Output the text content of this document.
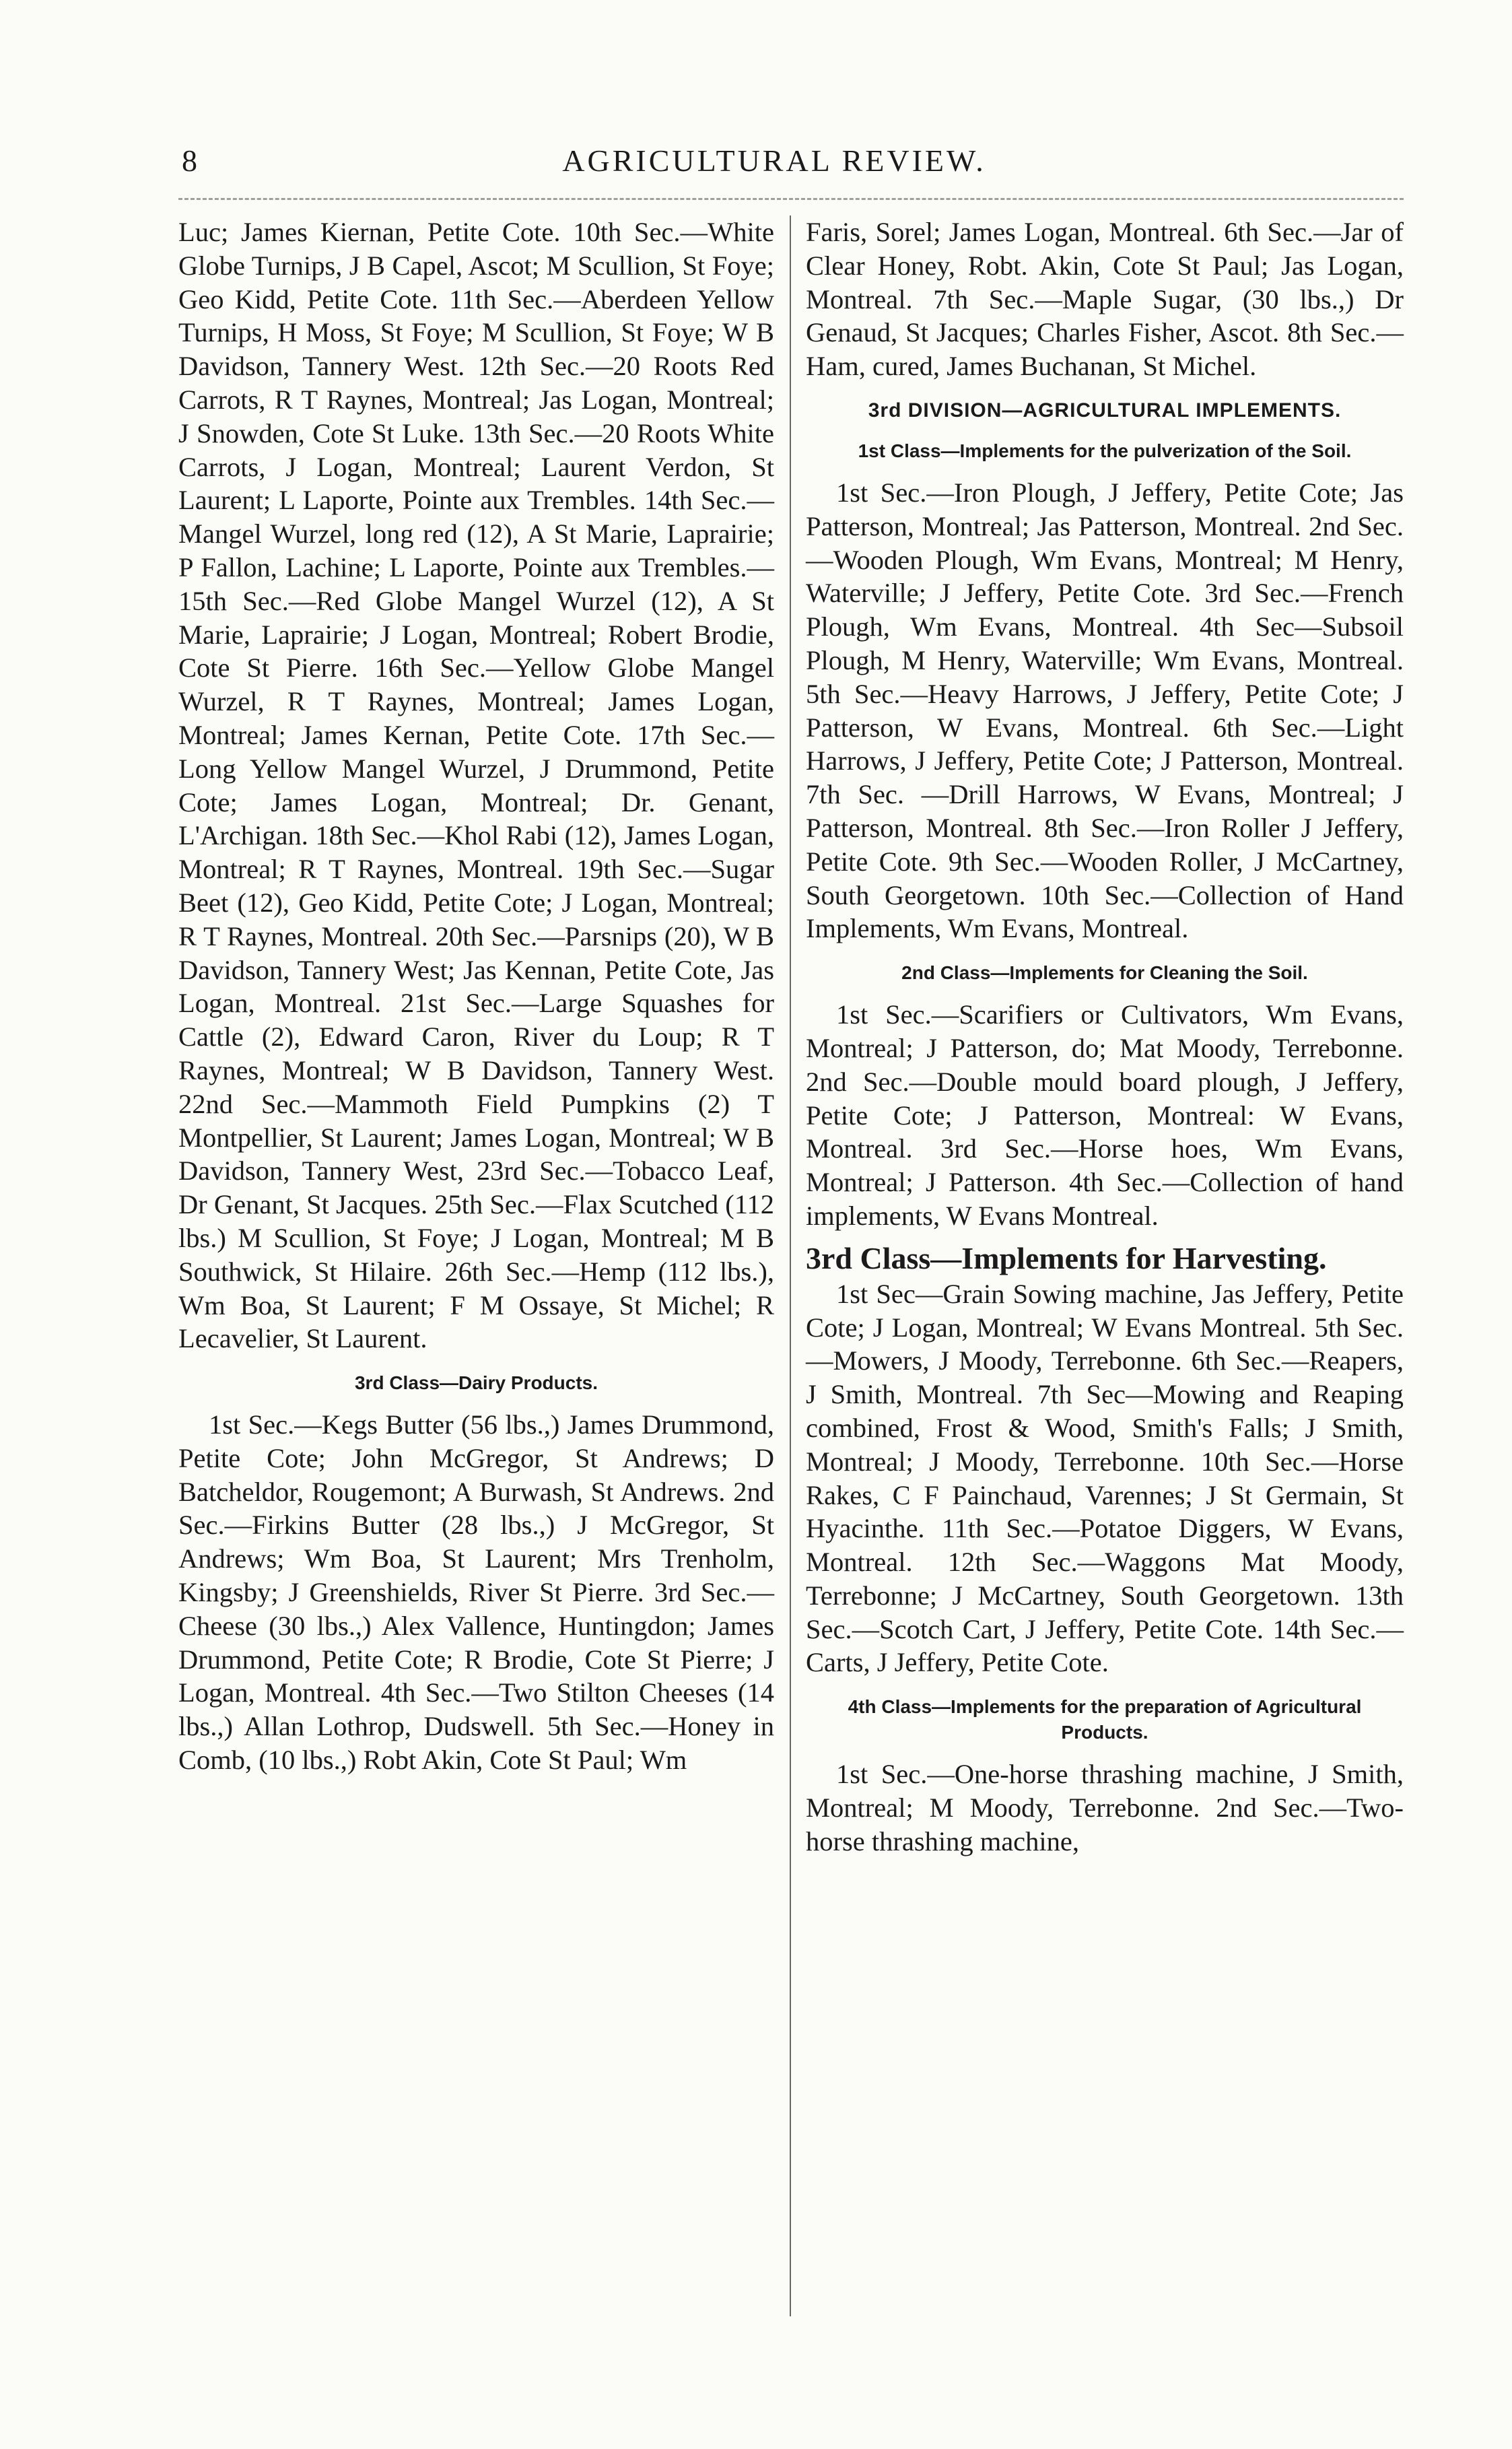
8	AGRICULTURAL REVIEW.

Luc; James Kiernan, Petite Cote. 10th Sec.—White Globe Turnips, J B Capel, Ascot; M Scullion, St Foye; Geo Kidd, Petite Cote. 11th Sec.—Aberdeen Yellow Turnips, H Moss, St Foye; M Scullion, St Foye; W B Davidson, Tannery West. 12th Sec.—20 Roots Red Carrots, R T Raynes, Montreal; Jas Logan, Montreal; J Snowden, Cote St Luke. 13th Sec.—20 Roots White Carrots, J Logan, Montreal; Laurent Verdon, St Laurent; L Laporte, Pointe aux Trembles. 14th Sec.—Mangel Wurzel, long red (12), A St Marie, Laprairie; P Fallon, Lachine; L Laporte, Pointe aux Trembles.—15th Sec.—Red Globe Mangel Wurzel (12), A St Marie, Laprairie; J Logan, Montreal; Robert Brodie, Cote St Pierre. 16th Sec.—Yellow Globe Mangel Wurzel, R T Raynes, Montreal; James Logan, Montreal; James Kernan, Petite Cote. 17th Sec.—Long Yellow Mangel Wurzel, J Drummond, Petite Cote; James Logan, Montreal; Dr. Genant, L'Archigan. 18th Sec.—Khol Rabi (12), James Logan, Montreal; R T Raynes, Montreal. 19th Sec.—Sugar Beet (12), Geo Kidd, Petite Cote; J Logan, Montreal; R T Raynes, Montreal. 20th Sec.—Parsnips (20), W B Davidson, Tannery West; Jas Kennan, Petite Cote, Jas Logan, Montreal. 21st Sec.—Large Squashes for Cattle (2), Edward Caron, River du Loup; R T Raynes, Montreal; W B Davidson, Tannery West. 22nd Sec.—Mammoth Field Pumpkins (2) T Montpellier, St Laurent; James Logan, Montreal; W B Davidson, Tannery West, 23rd Sec.—Tobacco Leaf, Dr Genant, St Jacques. 25th Sec.—Flax Scutched (112 lbs.) M Scullion, St Foye; J Logan, Montreal; M B Southwick, St Hilaire. 26th Sec.—Hemp (112 lbs.), Wm Boa, St Laurent; F M Ossaye, St Michel; R Lecavelier, St Laurent.

3rd Class—Dairy Products.

1st Sec.—Kegs Butter (56 lbs.,) James Drummond, Petite Cote; John McGregor, St Andrews; D Batcheldor, Rougemont; A Burwash, St Andrews. 2nd Sec.—Firkins Butter (28 lbs.,) J McGregor, St Andrews; Wm Boa, St Laurent; Mrs Trenholm, Kingsby; J Greenshields, River St Pierre. 3rd Sec.—Cheese (30 lbs.,) Alex Vallence, Huntingdon; James Drummond, Petite Cote; R Brodie, Cote St Pierre; J Logan, Montreal. 4th Sec.—Two Stilton Cheeses (14 lbs.,) Allan Lothrop, Dudswell. 5th Sec.—Honey in Comb, (10 lbs.,) Robt Akin, Cote St Paul; Wm

Faris, Sorel; James Logan, Montreal. 6th Sec.—Jar of Clear Honey, Robt. Akin, Cote St Paul; Jas Logan, Montreal. 7th Sec.—Maple Sugar, (30 lbs.,) Dr Genaud, St Jacques; Charles Fisher, Ascot. 8th Sec.—Ham, cured, James Buchanan, St Michel.

3rd DIVISION—AGRICULTURAL IMPLEMENTS.
1st Class—Implements for the pulverization of the Soil.

1st Sec.—Iron Plough, J Jeffery, Petite Cote; Jas Patterson, Montreal; Jas Patterson, Montreal. 2nd Sec.—Wooden Plough, Wm Evans, Montreal; M Henry, Waterville; J Jeffery, Petite Cote. 3rd Sec.—French Plough, Wm Evans, Montreal. 4th Sec—Subsoil Plough, M Henry, Waterville; Wm Evans, Montreal. 5th Sec.—Heavy Harrows, J Jeffery, Petite Cote; J Patterson, W Evans, Montreal. 6th Sec.—Light Harrows, J Jeffery, Petite Cote; J Patterson, Montreal. 7th Sec. —Drill Harrows, W Evans, Montreal; J Patterson, Montreal. 8th Sec.—Iron Roller J Jeffery, Petite Cote. 9th Sec.—Wooden Roller, J McCartney, South Georgetown. 10th Sec.—Collection of Hand Implements, Wm Evans, Montreal.

2nd Class—Implements for Cleaning the Soil.

1st Sec.—Scarifiers or Cultivators, Wm Evans, Montreal; J Patterson, do; Mat Moody, Terrebonne. 2nd Sec.—Double mould board plough, J Jeffery, Petite Cote; J Patterson, Montreal: W Evans, Montreal. 3rd Sec.—Horse hoes, Wm Evans, Montreal; J Patterson. 4th Sec.—Collection of hand implements, W Evans Montreal.

3rd Class—Implements for Harvesting.

1st Sec—Grain Sowing machine, Jas Jeffery, Petite Cote; J Logan, Montreal; W Evans Montreal. 5th Sec.—Mowers, J Moody, Terrebonne. 6th Sec.—Reapers, J Smith, Montreal. 7th Sec—Mowing and Reaping combined, Frost & Wood, Smith's Falls; J Smith, Montreal; J Moody, Terrebonne. 10th Sec.—Horse Rakes, C F Painchaud, Varennes; J St Germain, St Hyacinthe. 11th Sec.—Potatoe Diggers, W Evans, Montreal. 12th Sec.—Waggons Mat Moody, Terrebonne; J McCartney, South Georgetown. 13th Sec.—Scotch Cart, J Jeffery, Petite Cote. 14th Sec.—Carts, J Jeffery, Petite Cote.

4th Class—Implements for the preparation of Agricultural Products.

1st Sec.—One-horse thrashing machine, J Smith, Montreal; M Moody, Terrebonne. 2nd Sec.—Two-horse thrashing machine,
